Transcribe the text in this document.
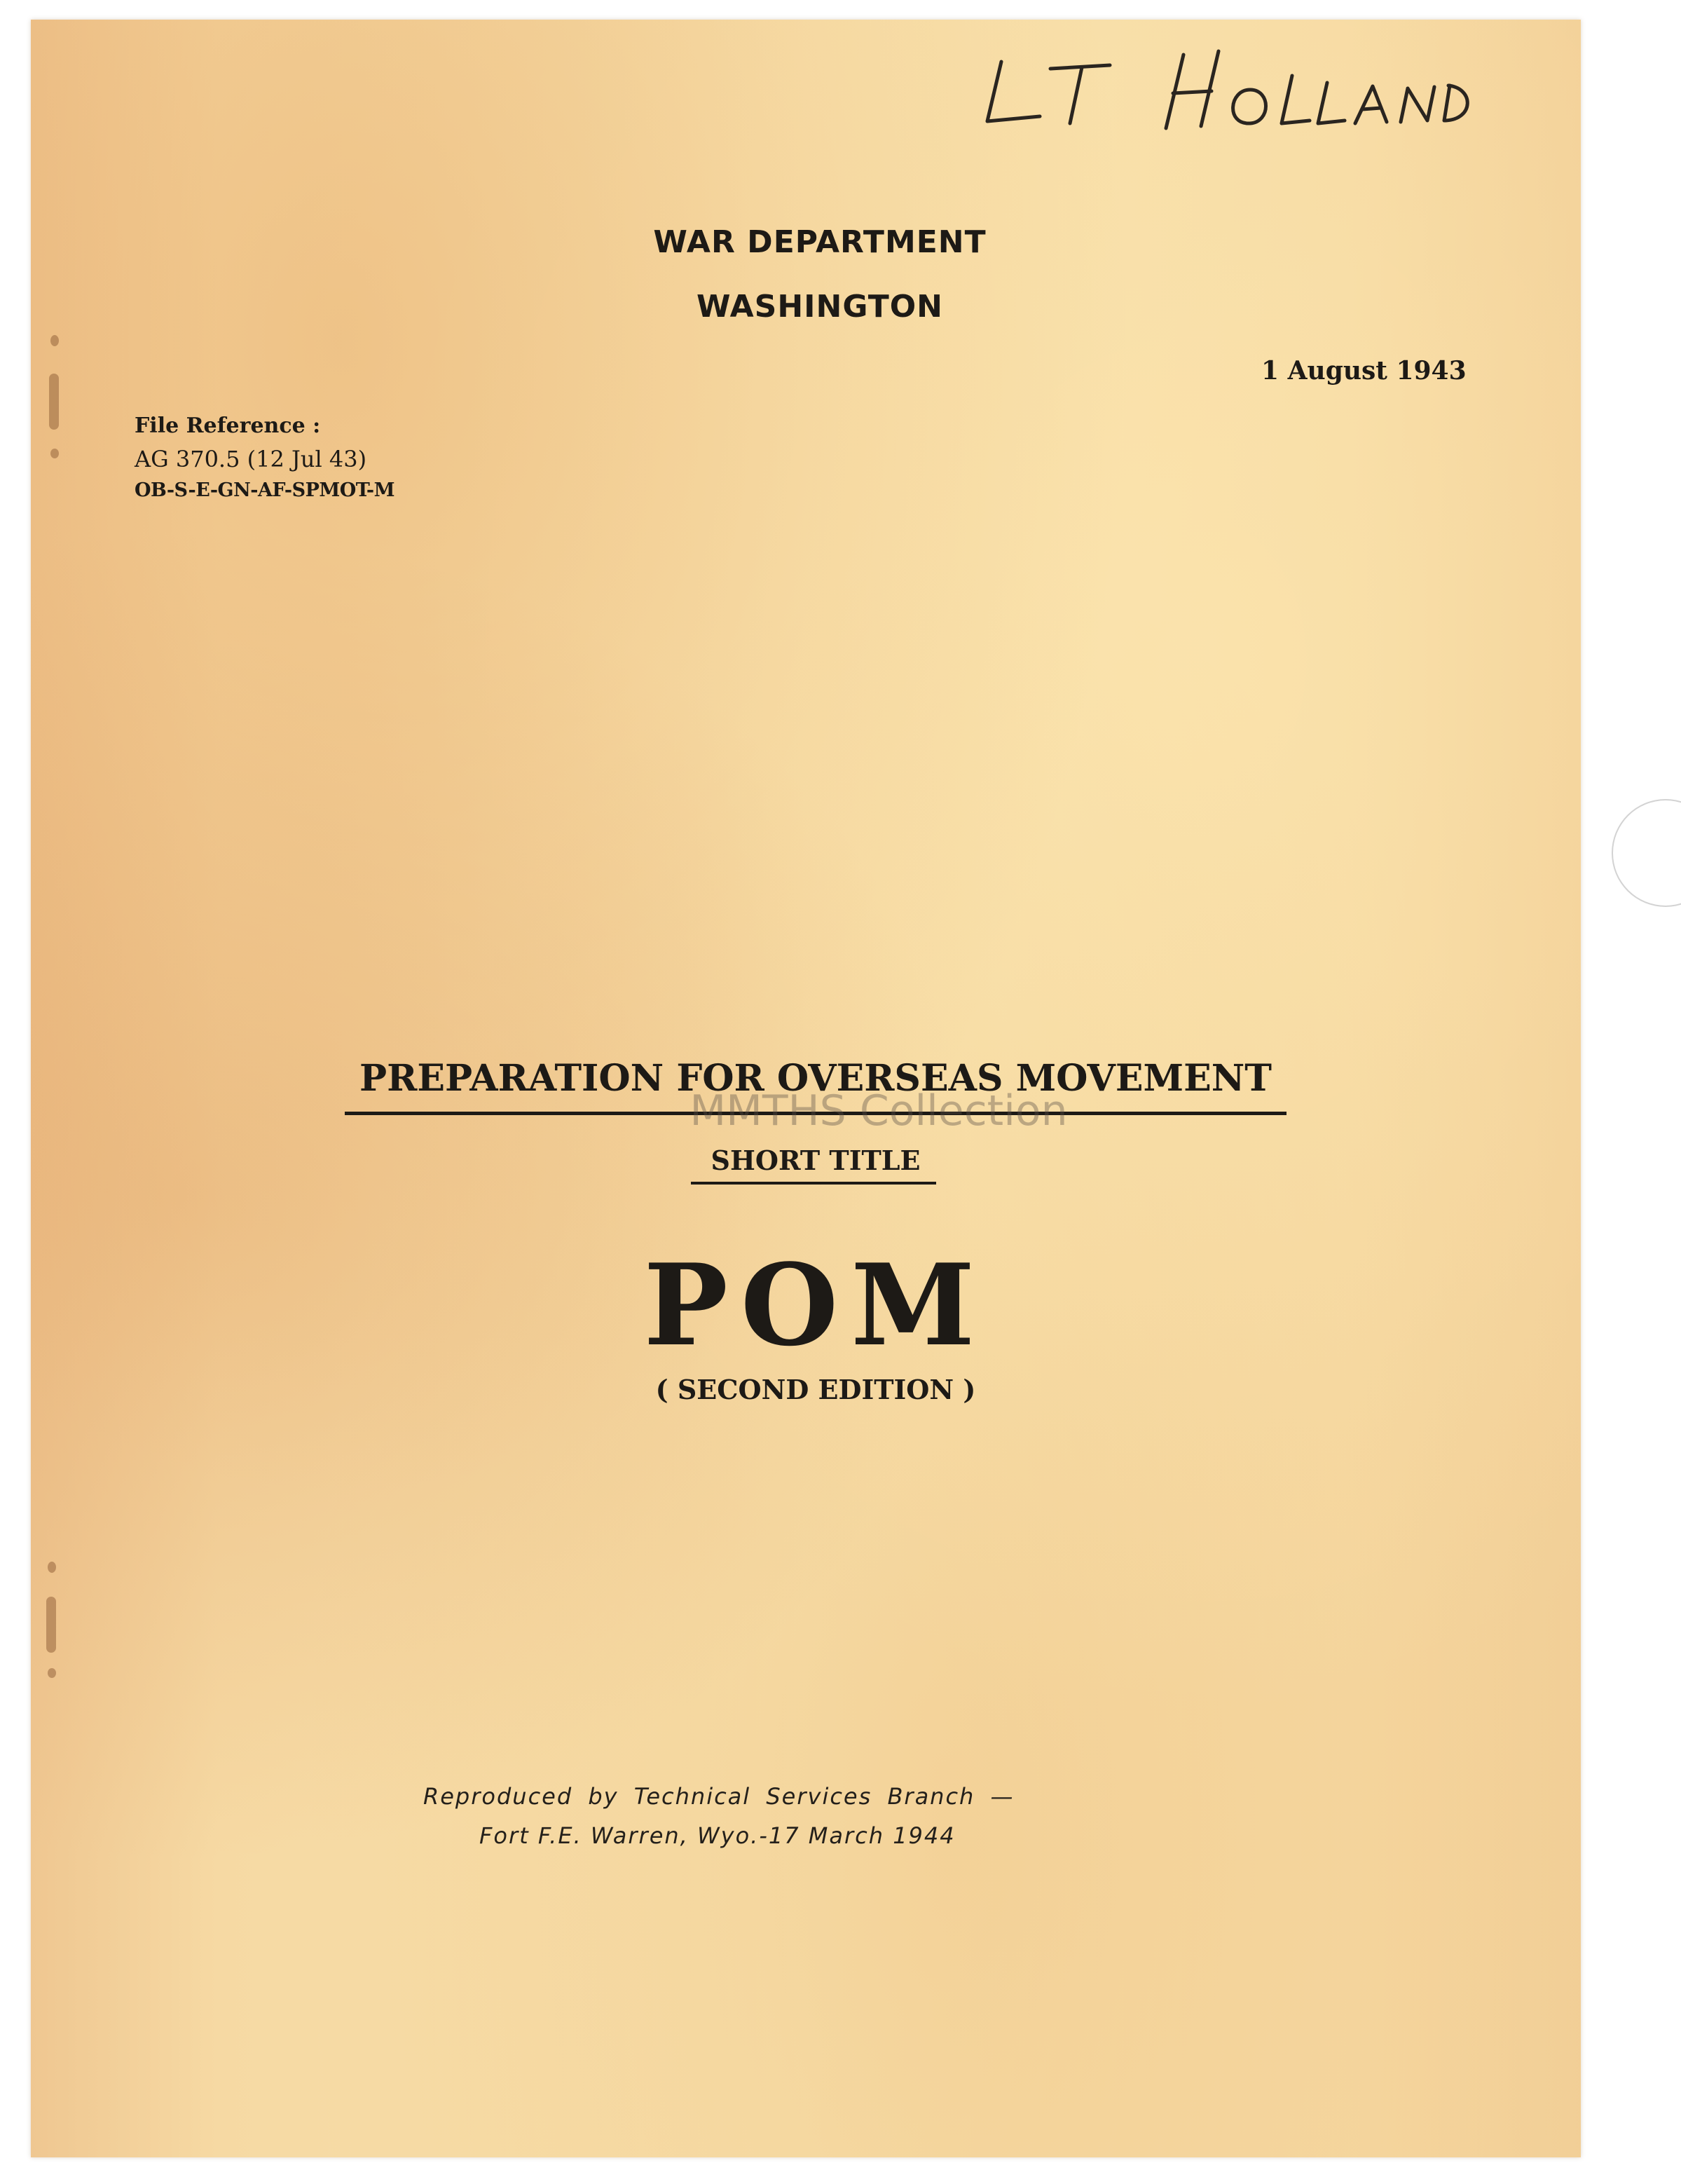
WAR DEPARTMENT
WASHINGTON
1 August 1943
File Reference :
AG 370.5 (12 Jul 43)
OB-S-E-GN-AF-SPMOT-M
PREPARATION FOR OVERSEAS MOVEMENT
MMTHS Collection
SHORT TITLE
POM
( SECOND EDITION )
Reproduced by Technical Services Branch —
Fort F.E. Warren, Wyo.-17 March 1944
